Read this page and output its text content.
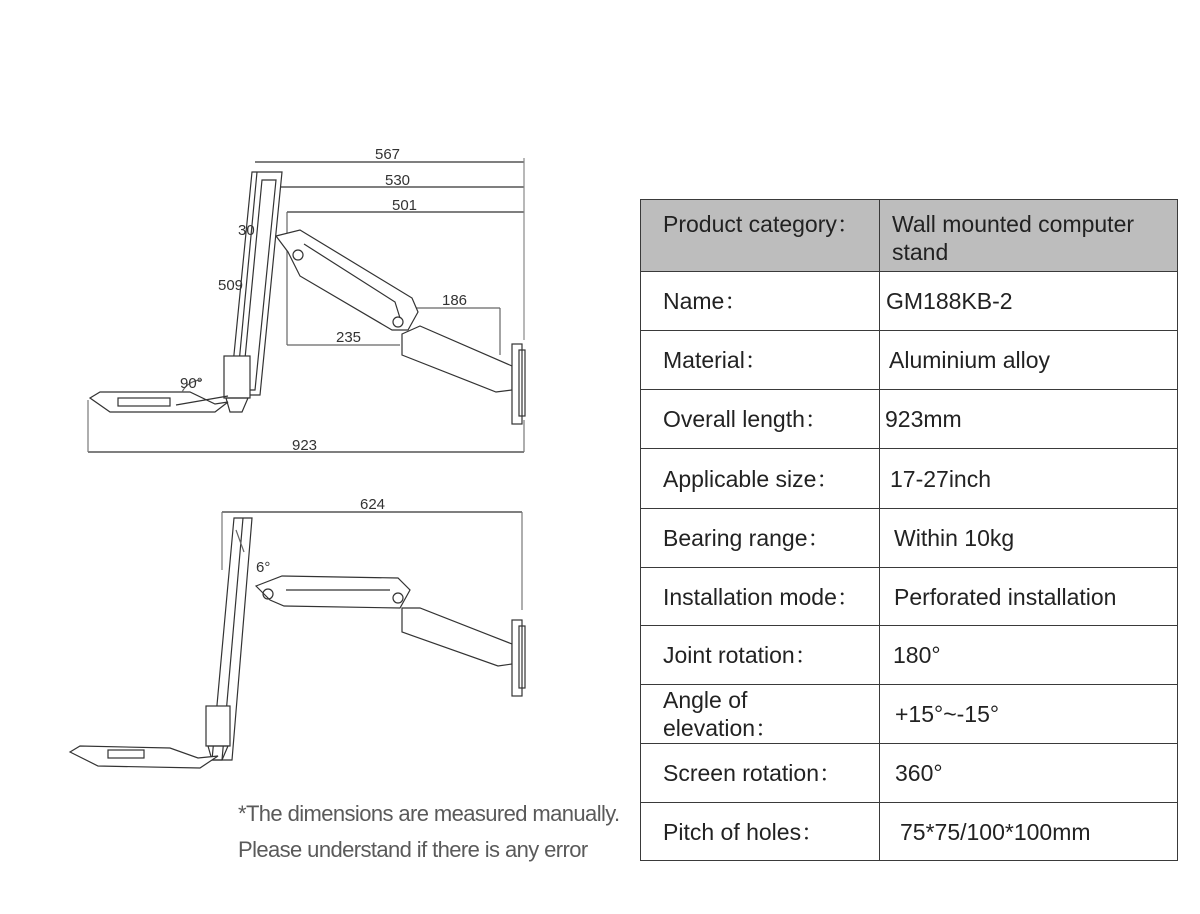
567
530
501
30
509
186
235
90°
923
624
6°
*The dimensions are measured manually.
Please understand if there is any error
Product category：	Wall mounted computer stand
Name：	GM188KB-2
Material：	Aluminium alloy
Overall length：	923mm
Applicable size：	17-27inch
Bearing range：	Within 10kg
Installation mode：	Perforated installation
Joint rotation：	180°
Angle of elevation：	+15°~-15°
Screen rotation：	360°
Pitch of holes：	75*75/100*100mm
